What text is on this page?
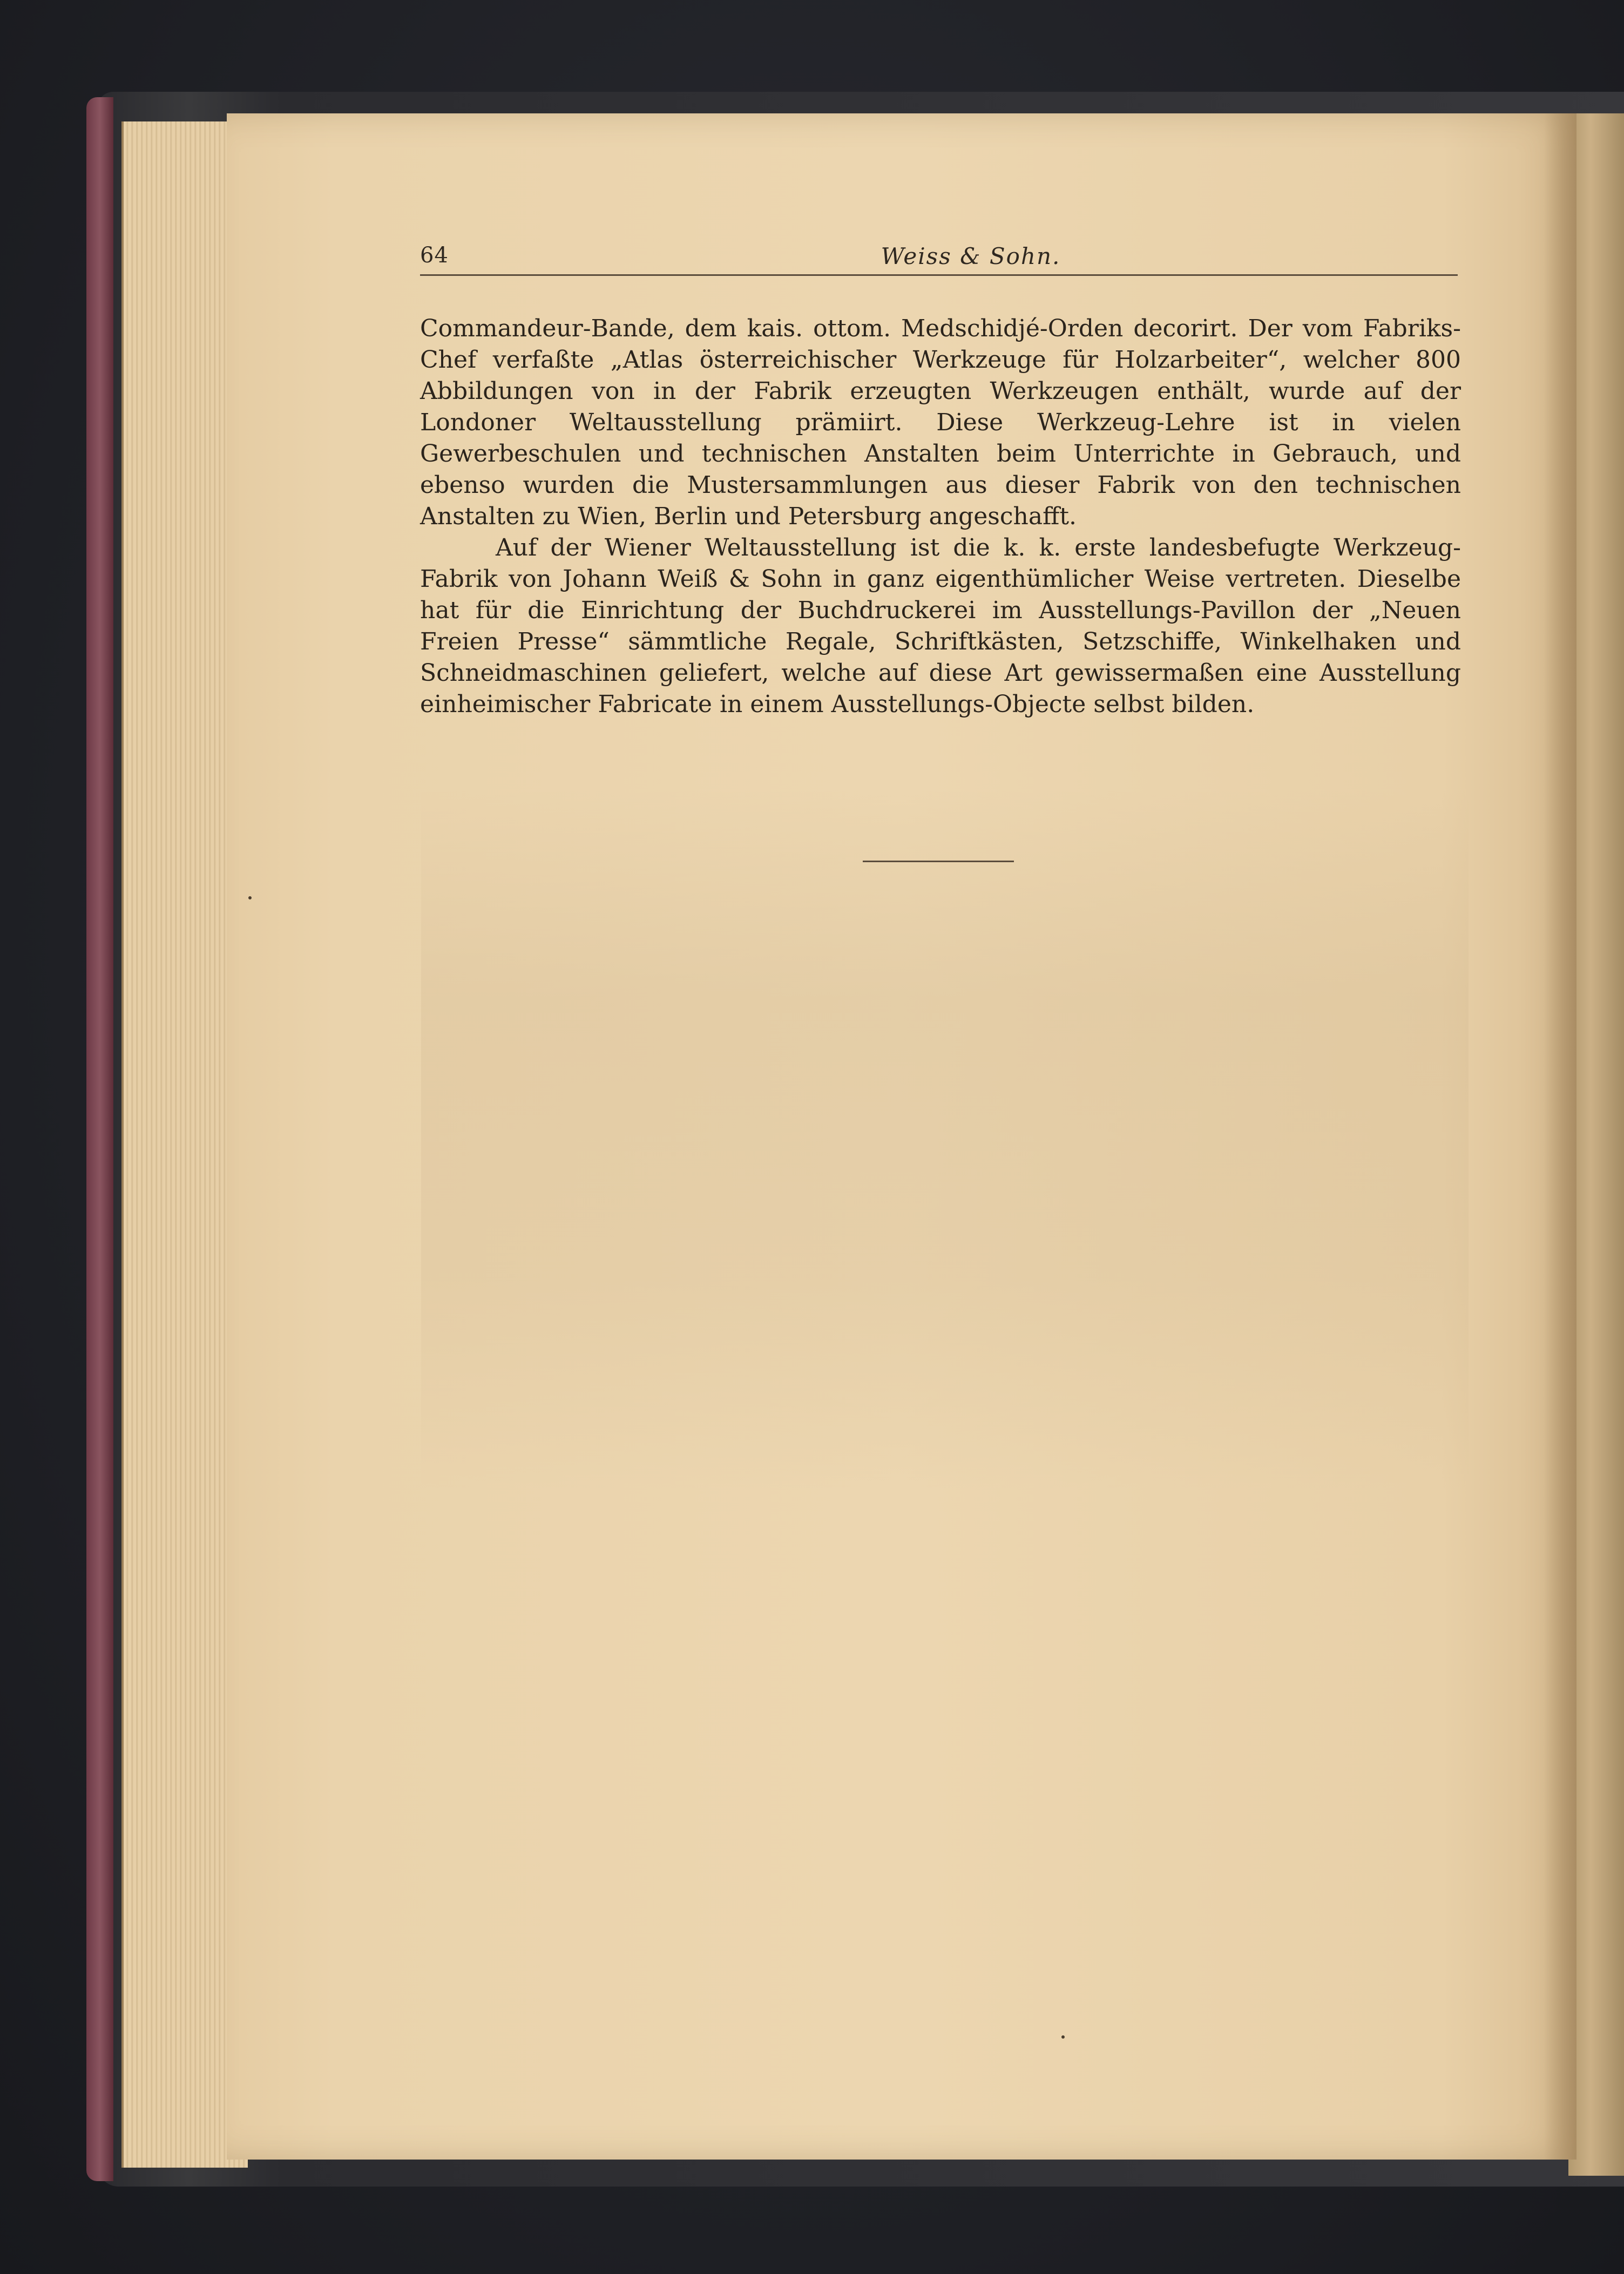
64	Weiss & Sohn.

Commandeur-Bande, dem kais. ottom. Medschidjé-Orden decorirt. Der vom Fabriks-Chef verfaßte „Atlas österreichischer Werkzeuge für Holzarbeiter“, welcher 800 Abbildungen von in der Fabrik erzeugten Werkzeugen enthält, wurde auf der Londoner Weltausstellung prämiirt. Diese Werkzeug-Lehre ist in vielen Gewerbeschulen und technischen Anstalten beim Unterrichte in Gebrauch, und ebenso wurden die Mustersammlungen aus dieser Fabrik von den technischen Anstalten zu Wien, Berlin und Petersburg angeschafft.

Auf der Wiener Weltausstellung ist die k. k. erste landesbefugte Werkzeug-Fabrik von Johann Weiß & Sohn in ganz eigenthümlicher Weise vertreten. Dieselbe hat für die Einrichtung der Buchdruckerei im Ausstellungs-Pavillon der „Neuen Freien Presse“ sämmtliche Regale, Schriftkästen, Setzschiffe, Winkelhaken und Schneidmaschinen geliefert, welche auf diese Art gewissermaßen eine Ausstellung einheimischer Fabricate in einem Ausstellungs-Objecte selbst bilden.
